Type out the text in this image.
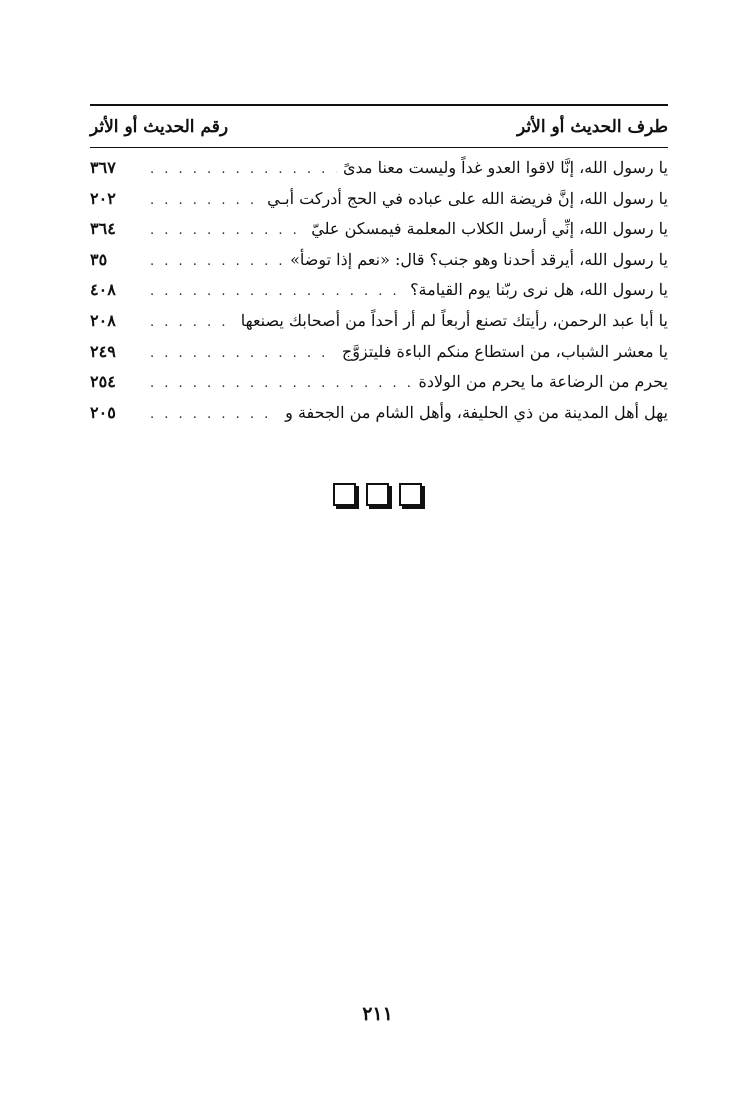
طرف الحديث أو الأثر
رقم الحديث أو الأثر
يا رسول الله، إنَّا لاقوا العدو غداً وليست معنا مدىً
. . .
٣٦٧
يا رسول الله، إنَّ فريضة الله على عباده في الحج أدركت أبـي
. . .
٢٠٢
يا رسول الله، إنِّي أرسل الكلاب المعلمة فيمسكن عليّ
. . .
٣٦٤
يا رسول الله، أيرقد أحدنا وهو جنب؟ قال: «نعم إذا توضأ»
. . .
٣٥
يا رسول الله، هل نرى ربّنا يوم القيامة؟
. . .
٤٠٨
يا أبا عبد الرحمن، رأيتك تصنع أربعاً لم أر أحداً من أصحابك يصنعها
. . .
٢٠٨
يا معشر الشباب، من استطاع منكم الباءة فليتزوَّج
. . .
٢٤٩
يحرم من الرضاعة ما يحرم من الولادة
. . .
٢٥٤
يهل أهل المدينة من ذي الحليفة، وأهل الشام من الجحفة و
. . .
٢٠٥
٢١١
